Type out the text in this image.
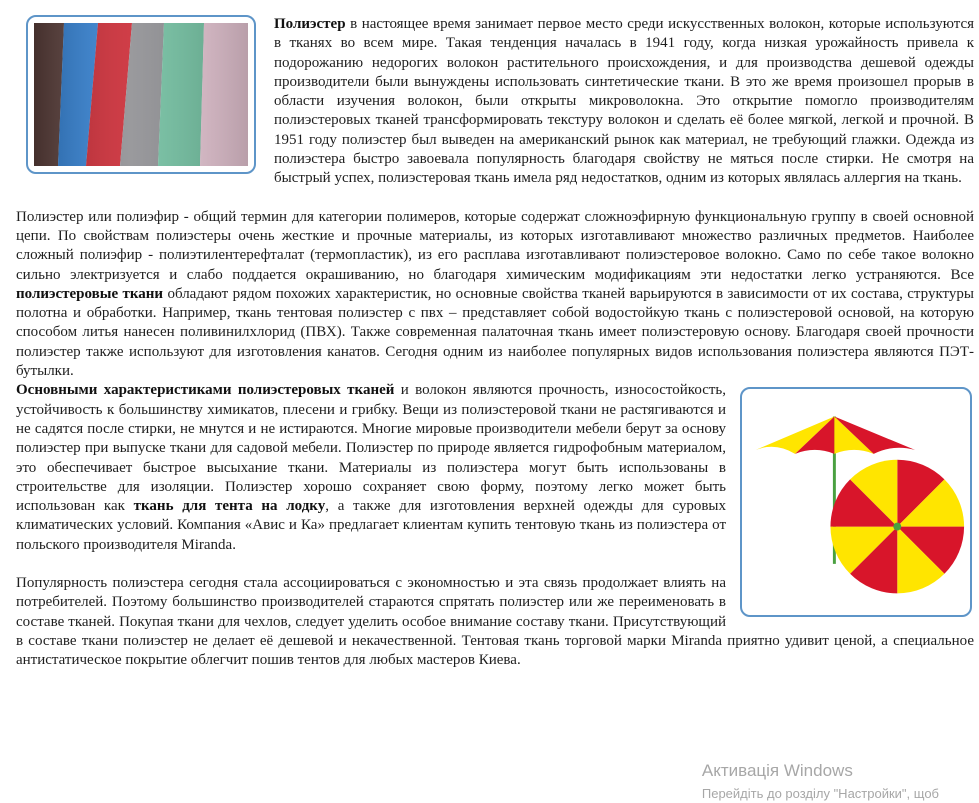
Полиэстер в настоящее время занимает первое место среди искусственных волокон, которые используются в тканях во всем мире. Такая тенденция началась в 1941 году, когда низкая урожайность привела к подорожанию недорогих волокон растительного происхождения, и для производства дешевой одежды производители были вынуждены использовать синтетические ткани. В это же время произошел прорыв в области изучения волокон, были открыты микроволокна. Это открытие помогло производителям полиэстеровых тканей трансформировать текстуру волокон и сделать её более мягкой, легкой и прочной. В 1951 году полиэстер был выведен на американский рынок как материал, не требующий глажки. Одежда из полиэстера быстро завоевала популярность благодаря свойству не мяться после стирки. Не смотря на быстрый успех, полиэстеровая ткань имела ряд недостатков, одним из которых являлась аллергия на ткань.

Полиэстер или полиэфир - общий термин для категории полимеров, которые содержат сложноэфирную функциональную группу в своей основной цепи. По свойствам полиэстеры очень жесткие и прочные материалы, из которых изготавливают множество различных предметов. Наиболее сложный полиэфир - полиэтилентерефталат (термопластик), из его расплава изготавливают полиэстеровое волокно. Само по себе такое волокно сильно электризуется и слабо поддается окрашиванию, но благодаря химическим модификациям эти недостатки легко устраняются. Все полиэстеровые ткани обладают рядом похожих характеристик, но основные свойства тканей варьируются в зависимости от их состава, структуры полотна и обработки. Например, ткань тентовая полиэстер с пвх – представляет собой водостойкую ткань с полиэстеровой основой, на которую способом литья нанесен поливинилхлорид (ПВХ). Также современная палаточная ткань имеет полиэстеровую основу. Благодаря своей прочности полиэстер также используют для изготовления канатов. Сегодня одним из наиболее популярных видов использования полиэстера являются ПЭТ-бутылки.

Основными характеристиками полиэстеровых тканей и волокон являются прочность, износостойкость, устойчивость к большинству химикатов, плесени и грибку. Вещи из полиэстеровой ткани не растягиваются и не садятся после стирки, не мнутся и не истираются. Многие мировые производители мебели берут за основу полиэстер при выпуске ткани для садовой мебели. Полиэстер по природе является гидрофобным материалом, это обеспечивает быстрое высыхание ткани. Материалы из полиэстера могут быть использованы в строительстве для изоляции. Полиэстер хорошо сохраняет свою форму, поэтому легко может быть использован как ткань для тента на лодку, а также для изготовления верхней одежды для суровых климатических условий. Компания «Авис и Ка» предлагает клиентам купить тентовую ткань из полиэстера от польского производителя Miranda.

Популярность полиэстера сегодня стала ассоциироваться с экономностью и эта связь продолжает влиять на потребителей. Поэтому большинство производителей стараются спрятать полиэстер или же переименовать в составе тканей. Покупая ткани для чехлов, следует уделить особое внимание составу ткани. Присутствующий в составе ткани полиэстер не делает её дешевой и некачественной. Тентовая ткань торговой марки Miranda приятно удивит ценой, а специальное антистатическое покрытие облегчит пошив тентов для любых мастеров Киева.

Активація Windows
Перейдіть до розділу "Настройки", щоб
